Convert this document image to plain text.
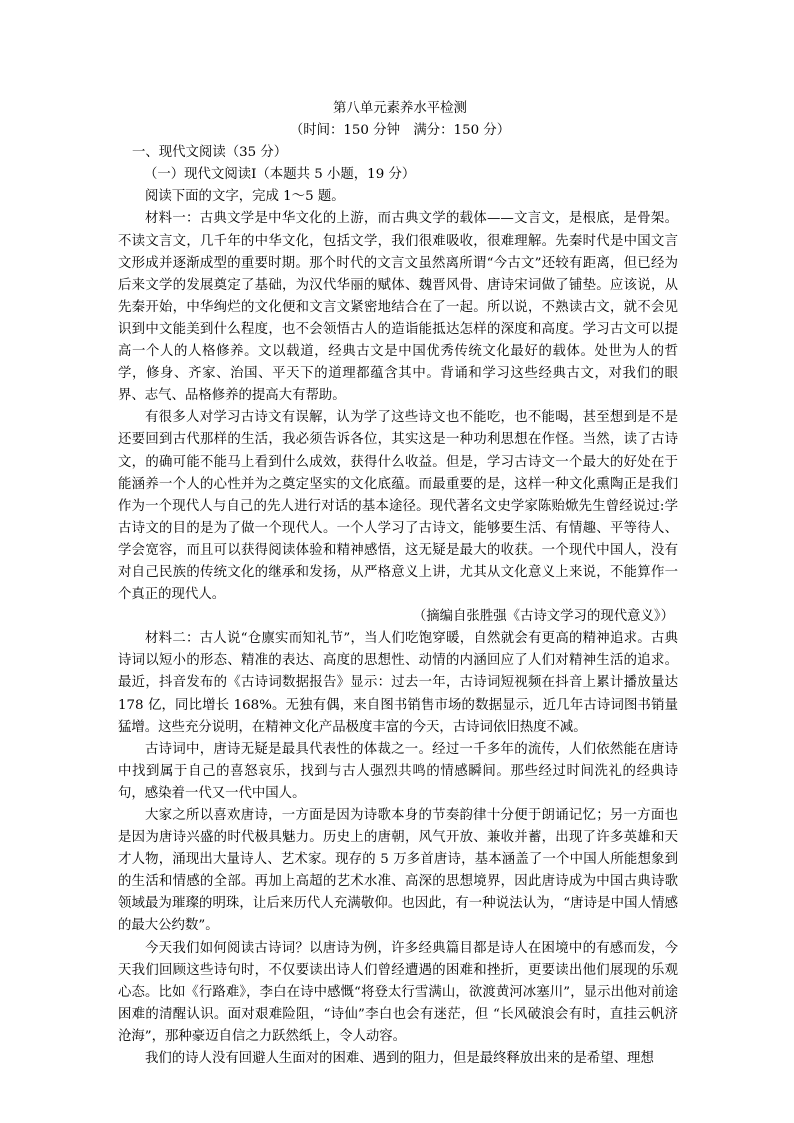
第八单元素养水平检测
（时间：150 分钟　满分：150 分）
一、现代文阅读（35 分）
（一）现代文阅读Ⅰ（本题共 5 小题，19 分）

阅读下面的文字，完成 1～5 题。

材料一：古典文学是中华文化的上游，而古典文学的载体——文言文，是根底，是骨架。不读文言文，几千年的中华文化，包括文学，我们很难吸收，很难理解。先秦时代是中国文言文形成并逐渐成型的重要时期。那个时代的文言文虽然离所谓“今古文”还较有距离，但已经为后来文学的发展奠定了基础，为汉代华丽的赋体、魏晋风骨、唐诗宋词做了铺垫。应该说，从先秦开始，中华绚烂的文化便和文言文紧密地结合在了一起。所以说，不熟读古文，就不会见识到中文能美到什么程度，也不会领悟古人的造诣能抵达怎样的深度和高度。学习古文可以提高一个人的人格修养。文以载道，经典古文是中国优秀传统文化最好的载体。处世为人的哲学，修身、齐家、治国、平天下的道理都蕴含其中。背诵和学习这些经典古文，对我们的眼界、志气、品格修养的提高大有帮助。

有很多人对学习古诗文有误解，认为学了这些诗文也不能吃，也不能喝，甚至想到是不是还要回到古代那样的生活，我必须告诉各位，其实这是一种功利思想在作怪。当然，读了古诗文，的确可能不能马上看到什么成效，获得什么收益。但是，学习古诗文一个最大的好处在于能涵养一个人的心性并为之奠定坚实的文化底蕴。而最重要的是，这样一种文化熏陶正是我们作为一个现代人与自己的先人进行对话的基本途径。现代著名文史学家陈贻焮先生曾经说过:学古诗文的目的是为了做一个现代人。一个人学习了古诗文，能够要生活、有情趣、平等待人、学会宽容，而且可以获得阅读体验和精神感悟，这无疑是最大的收获。一个现代中国人，没有对自己民族的传统文化的继承和发扬，从严格意义上讲，尤其从文化意义上来说，不能算作一个真正的现代人。

（摘编自张胜强《古诗文学习的现代意义》）

材料二：古人说“仓廪实而知礼节”，当人们吃饱穿暖，自然就会有更高的精神追求。古典诗词以短小的形态、精准的表达、高度的思想性、动情的内涵回应了人们对精神生活的追求。最近，抖音发布的《古诗词数据报告》显示：过去一年，古诗词短视频在抖音上累计播放量达 178 亿，同比增长 168%。无独有偶，来自图书销售市场的数据显示，近几年古诗词图书销量猛增。这些充分说明，在精神文化产品极度丰富的今天，古诗词依旧热度不减。

古诗词中，唐诗无疑是最具代表性的体裁之一。经过一千多年的流传，人们依然能在唐诗中找到属于自己的喜怒哀乐，找到与古人强烈共鸣的情感瞬间。那些经过时间洗礼的经典诗句，感染着一代又一代中国人。

大家之所以喜欢唐诗，一方面是因为诗歌本身的节奏韵律十分便于朗诵记忆；另一方面也是因为唐诗兴盛的时代极具魅力。历史上的唐朝，风气开放、兼收并蓄，出现了许多英雄和天才人物，涌现出大量诗人、艺术家。现存的 5 万多首唐诗，基本涵盖了一个中国人所能想象到的生活和情感的全部。再加上高超的艺术水准、高深的思想境界，因此唐诗成为中国古典诗歌领域最为璀璨的明珠，让后来历代人充满敬仰。也因此，有一种说法认为，“唐诗是中国人情感的最大公约数”。

今天我们如何阅读古诗词？以唐诗为例，许多经典篇目都是诗人在困境中的有感而发，今天我们回顾这些诗句时，不仅要读出诗人们曾经遭遇的困难和挫折，更要读出他们展现的乐观心态。比如《行路难》，李白在诗中感慨“将登太行雪满山，欲渡黄河冰塞川”，显示出他对前途困难的清醒认识。面对艰难险阻，“诗仙”李白也会有迷茫，但 “长风破浪会有时，直挂云帆济沧海”，那种豪迈自信之力跃然纸上，令人动容。

我们的诗人没有回避人生面对的困难、遇到的阻力，但是最终释放出来的是希望、理想
